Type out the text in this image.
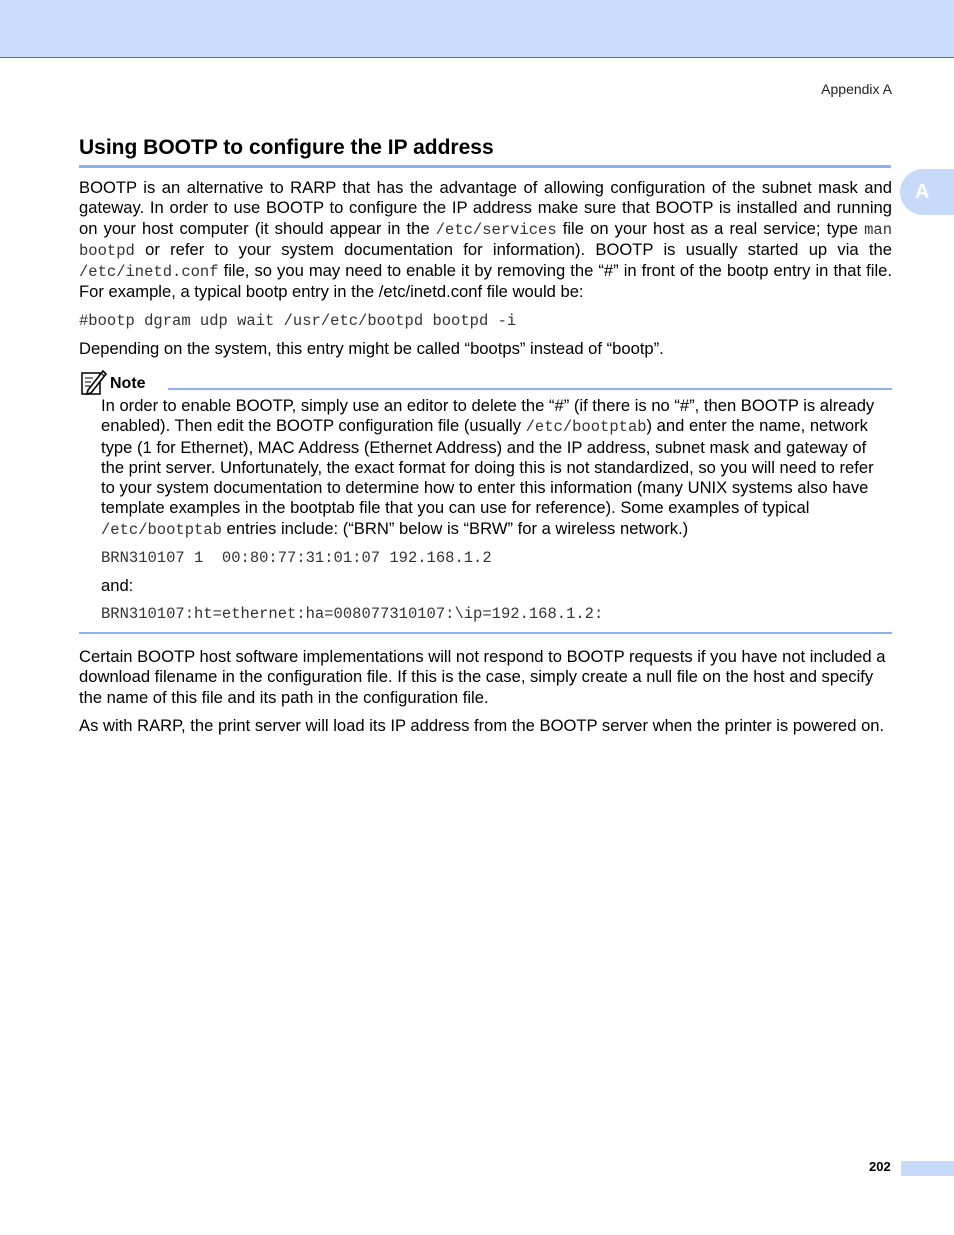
Appendix A
A
Using BOOTP to configure the IP address

BOOTP is an alternative to RARP that has the advantage of allowing configuration of the subnet mask and gateway. In order to use BOOTP to configure the IP address make sure that BOOTP is installed and running on your host computer (it should appear in the /etc/services file on your host as a real service; type man bootpd or refer to your system documentation for information). BOOTP is usually started up via the /etc/inetd.conf file, so you may need to enable it by removing the “#” in front of the bootp entry in that file. For example, a typical bootp entry in the /etc/inetd.conf file would be:

#bootp dgram udp wait /usr/etc/bootpd bootpd -i

Depending on the system, this entry might be called “bootps” instead of “bootp”.

Note

In order to enable BOOTP, simply use an editor to delete the “#” (if there is no “#”, then BOOTP is already enabled). Then edit the BOOTP configuration file (usually /etc/bootptab) and enter the name, network type (1 for Ethernet), MAC Address (Ethernet Address) and the IP address, subnet mask and gateway of the print server. Unfortunately, the exact format for doing this is not standardized, so you will need to refer to your system documentation to determine how to enter this information (many UNIX systems also have template examples in the bootptab file that you can use for reference). Some examples of typical /etc/bootptab entries include: (“BRN” below is “BRW” for a wireless network.)

BRN310107 1  00:80:77:31:01:07 192.168.1.2

and:

BRN310107:ht=ethernet:ha=008077310107:\ip=192.168.1.2:

Certain BOOTP host software implementations will not respond to BOOTP requests if you have not included a download filename in the configuration file. If this is the case, simply create a null file on the host and specify the name of this file and its path in the configuration file.

As with RARP, the print server will load its IP address from the BOOTP server when the printer is powered on.

202
